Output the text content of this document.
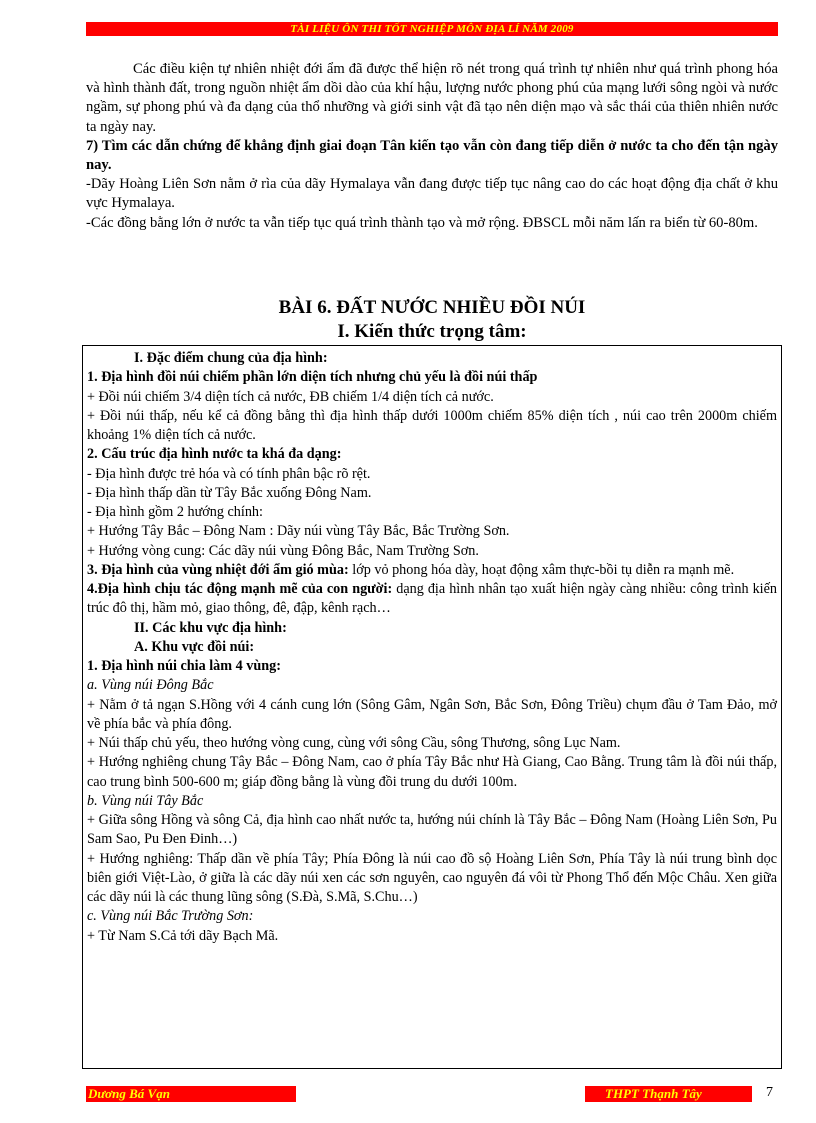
TÀI LIỆU ÔN THI TỐT NGHIỆP MÔN ĐỊA LÍ NĂM 2009

Các điều kiện tự nhiên nhiệt đới ẩm đã được thể hiện rõ nét trong quá trình tự nhiên như quá trình phong hóa và hình thành đất, trong nguồn nhiệt ẩm dồi dào của khí hậu, lượng nước phong phú của mạng lưới sông ngòi và nước ngầm, sự phong phú và đa dạng của thổ nhưỡng và giới sinh vật đã tạo nên diện mạo và sắc thái của thiên nhiên nước ta ngày nay.

7) Tìm các dẫn chứng để khẳng định giai đoạn Tân kiến tạo vẫn còn đang tiếp diễn ở nước ta cho đến tận ngày nay.

-Dãy Hoàng Liên Sơn nằm ở rìa của dãy Hymalaya vẫn đang được tiếp tục nâng cao do các hoạt động địa chất ở khu vực Hymalaya.

-Các đồng bằng lớn ở nước ta vẫn tiếp tục quá trình thành tạo và mở rộng. ĐBSCL mỗi năm lấn ra biển từ 60-80m.

BÀI 6. ĐẤT NƯỚC NHIỀU ĐỒI NÚI
I. Kiến thức trọng tâm:

I. Đặc điểm chung của địa hình:

1. Địa hình đồi núi chiếm phần lớn diện tích nhưng chủ yếu là đồi núi thấp

+ Đồi núi chiếm 3/4 diện tích cả nước, ĐB chiếm 1/4 diện tích cả nước.

+ Đồi núi thấp, nếu kể cả đồng bằng thì địa hình thấp dưới 1000m chiếm 85% diện tích , núi cao trên 2000m chiếm khoảng 1% diện tích cả nước.

2. Cấu trúc địa hình nước ta khá đa dạng:

- Địa hình được trẻ hóa và có tính phân bậc rõ rệt.

- Địa hình thấp dần từ Tây Bắc xuống Đông Nam.

- Địa hình gồm 2 hướng chính:

+ Hướng Tây Bắc – Đông Nam : Dãy núi vùng Tây Bắc, Bắc Trường Sơn.

+ Hướng vòng cung: Các dãy núi vùng Đông Bắc, Nam Trường Sơn.

3. Địa hình của vùng nhiệt đới ẩm gió mùa: lớp vỏ phong hóa dày, hoạt động xâm thực-bồi tụ diễn ra mạnh mẽ.

4.Địa hình chịu tác động mạnh mẽ của con người: dạng địa hình nhân tạo xuất hiện ngày càng nhiều: công trình kiến trúc đô thị, hầm mỏ, giao thông, đê, đập, kênh rạch…

II. Các khu vực địa hình:

A. Khu vực đồi núi:

1. Địa hình núi chia làm 4 vùng:

a. Vùng núi Đông Bắc

+ Nằm ở tả ngạn S.Hồng với 4 cánh cung lớn (Sông Gâm, Ngân Sơn, Bắc Sơn, Đông Triều) chụm đầu ở Tam Đảo, mở về phía bắc và phía đông.

+ Núi thấp chủ yếu, theo hướng vòng cung, cùng với sông Cầu, sông Thương, sông Lục Nam.

+ Hướng nghiêng chung Tây Bắc – Đông Nam, cao ở phía Tây Bắc như Hà Giang, Cao Bằng. Trung tâm là đồi núi thấp, cao trung bình 500-600 m; giáp đồng bằng là vùng đồi trung du dưới 100m.

b. Vùng núi Tây Bắc

+ Giữa sông Hồng và sông Cả, địa hình cao nhất nước ta, hướng núi chính là Tây Bắc – Đông Nam (Hoàng Liên Sơn, Pu Sam Sao, Pu Đen Đinh…)

+ Hướng nghiêng: Thấp dần về phía Tây; Phía Đông là núi cao đồ sộ Hoàng Liên Sơn, Phía Tây là núi trung bình dọc biên giới Việt-Lào, ở giữa là các dãy núi xen các sơn nguyên, cao nguyên đá vôi từ Phong Thổ đến Mộc Châu. Xen giữa các dãy núi là các thung lũng sông (S.Đà, S.Mã, S.Chu…)

c. Vùng núi Bắc Trường Sơn:

+ Từ Nam S.Cả tới dãy Bạch Mã.

Dương Bá Vạn	THPT Thạnh Tây	7
